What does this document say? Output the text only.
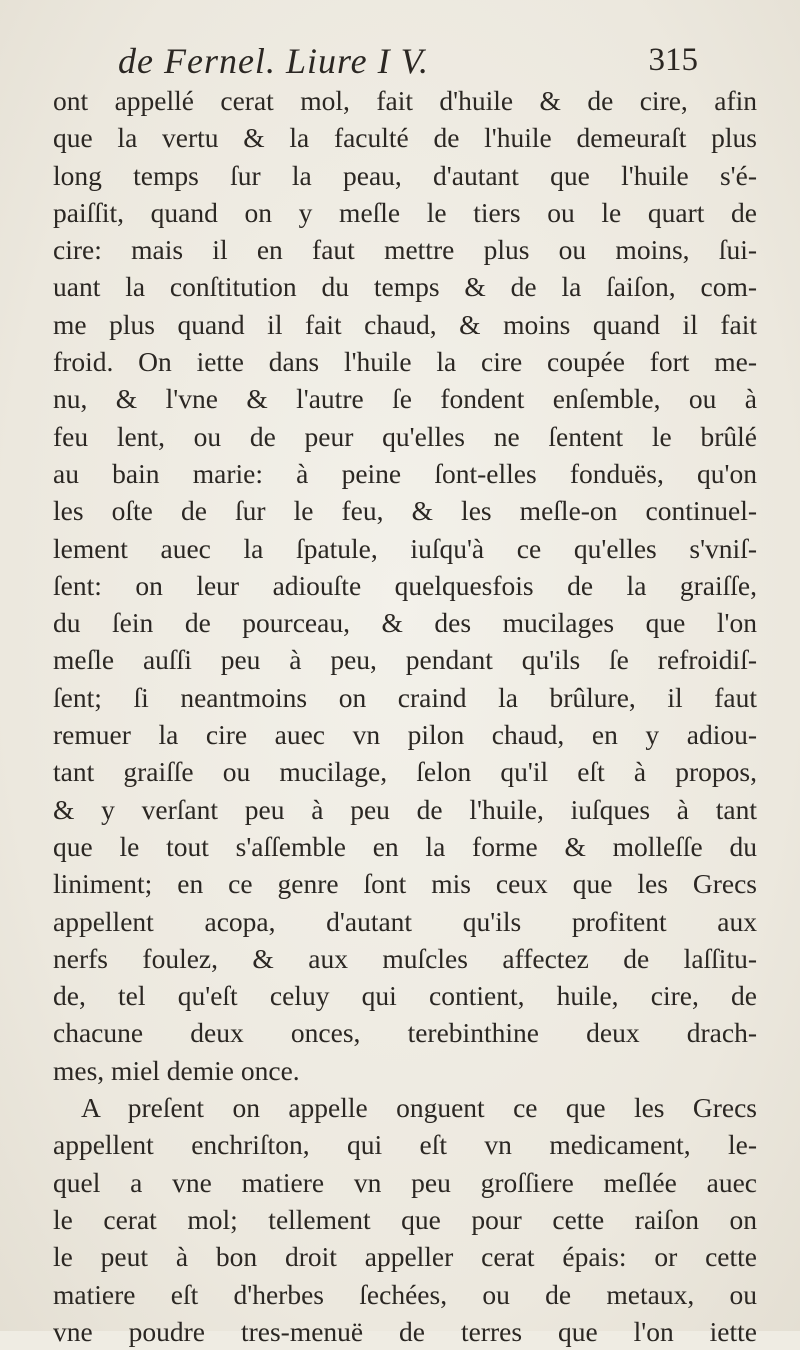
de Fernel. Liure I V.	315
ont appellé cerat mol, fait d'huile & de cire, afin
que la vertu & la faculté de l'huile demeuraſt plus
long temps ſur la peau, d'autant que l'huile s'é-
paiſſit, quand on y meſle le tiers ou le quart de
cire: mais il en faut mettre plus ou moins, ſui-
uant la conſtitution du temps & de la ſaiſon, com-
me plus quand il fait chaud, & moins quand il fait
froid. On iette dans l'huile la cire coupée fort me-
nu, & l'vne & l'autre ſe fondent enſemble, ou à
feu lent, ou de peur qu'elles ne ſentent le brûlé
au bain marie: à peine ſont-elles fonduës, qu'on
les oſte de ſur le feu, & les meſle-on continuel-
lement auec la ſpatule, iuſqu'à ce qu'elles s'vniſ-
ſent: on leur adiouſte quelquesfois de la graiſſe,
du ſein de pourceau, & des mucilages que l'on
meſle auſſi peu à peu, pendant qu'ils ſe refroidiſ-
ſent; ſi neantmoins on craind la brûlure, il faut
remuer la cire auec vn pilon chaud, en y adiou-
tant graiſſe ou mucilage, ſelon qu'il eſt à propos,
& y verſant peu à peu de l'huile, iuſques à tant
que le tout s'aſſemble en la forme & molleſſe du
liniment; en ce genre ſont mis ceux que les Grecs
appellent acopa, d'autant qu'ils profitent aux
nerfs foulez, & aux muſcles affectez de laſſitu-
de, tel qu'eſt celuy qui contient, huile, cire, de
chacune deux onces, terebinthine deux drach-
mes, miel demie once.
A preſent on appelle onguent ce que les Grecs
appellent enchriſton, qui eſt vn medicament, le-
quel a vne matiere vn peu groſſiere meſlée auec
le cerat mol; tellement que pour cette raiſon on
le peut à bon droit appeller cerat épais: or cette
matiere eſt d'herbes ſechées, ou de metaux, ou
vne poudre tres-menuë de terres que l'on iette
